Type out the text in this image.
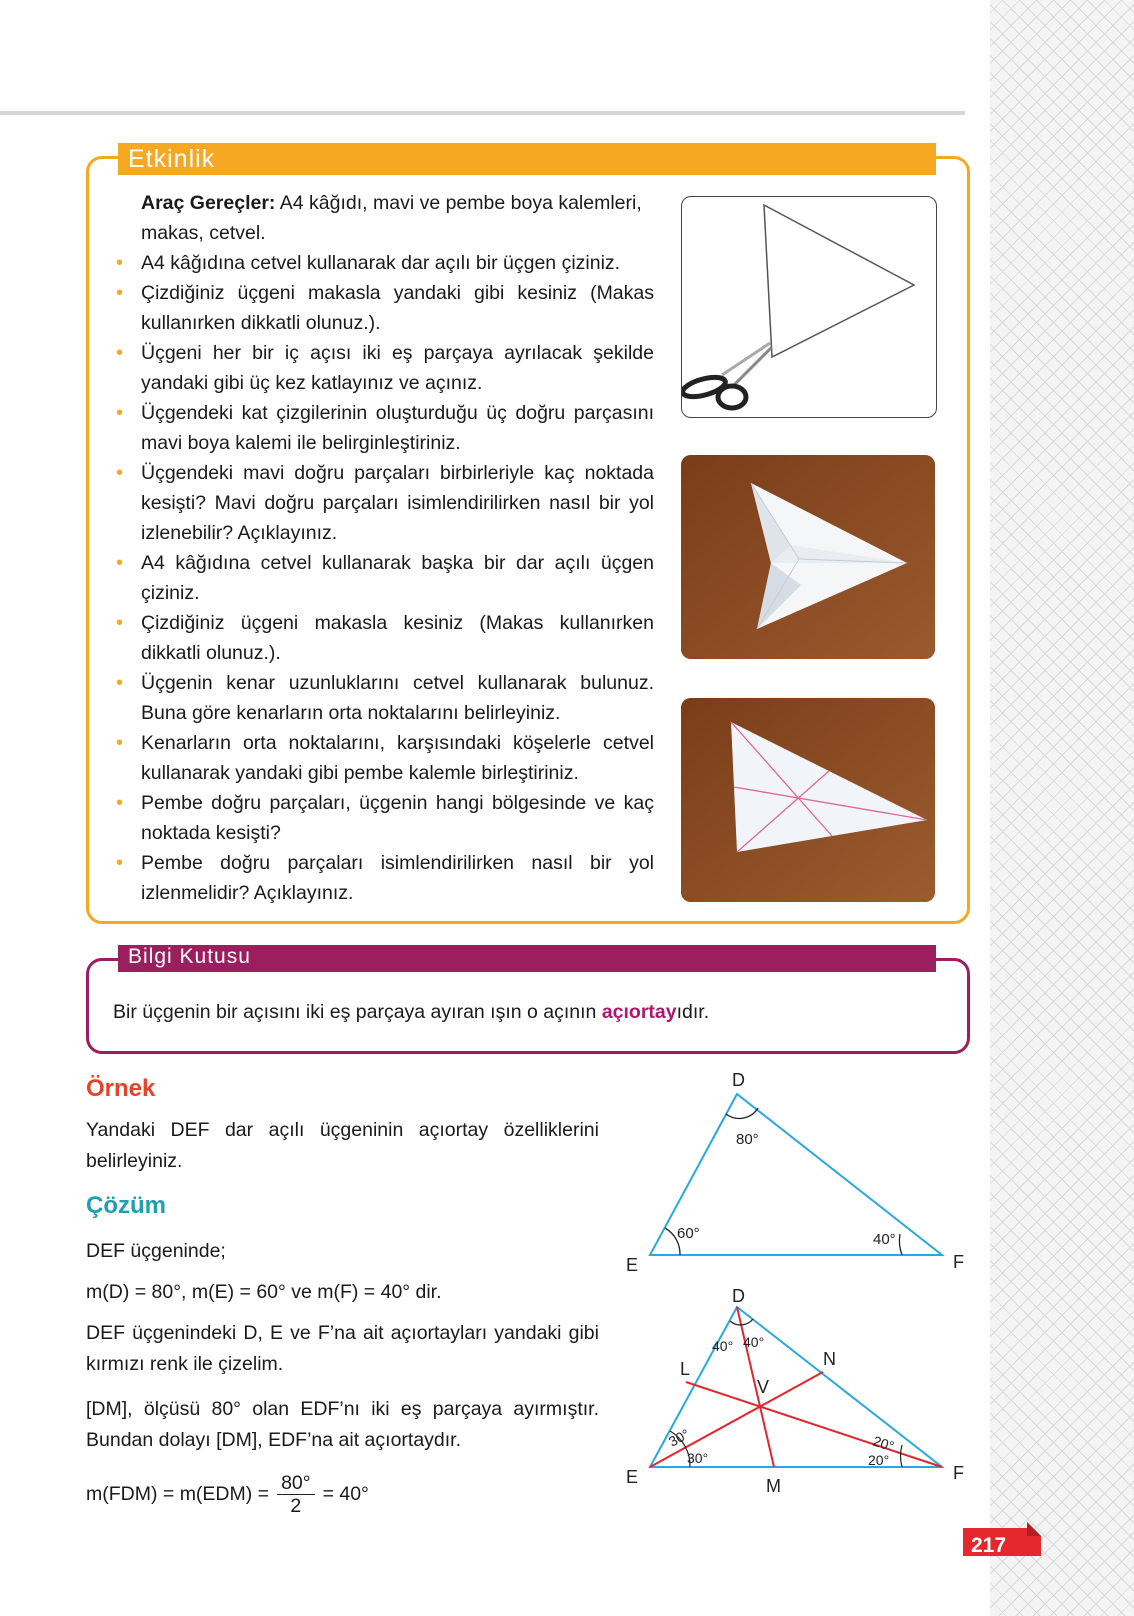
Etkinlik
Araç Gereçler: A4 kâğıdı, mavi ve pembe boya kalemleri, makas, cetvel.
• A4 kâğıdına cetvel kullanarak dar açılı bir üçgen çiziniz.
• Çizdiğiniz üçgeni makasla yandaki gibi kesiniz (Makas kullanırken dikkatli olunuz.).
• Üçgeni her bir iç açısı iki eş parçaya ayrılacak şekilde yandaki gibi üç kez katlayınız ve açınız.
• Üçgendeki kat çizgilerinin oluşturduğu üç doğru parçasını mavi boya kalemi ile belirginleştiriniz.
• Üçgendeki mavi doğru parçaları birbirleriyle kaç noktada kesişti? Mavi doğru parçaları isimlendirilirken nasıl bir yol izlenebilir? Açıklayınız.
• A4 kâğıdına cetvel kullanarak başka bir dar açılı üçgen çiziniz.
• Çizdiğiniz üçgeni makasla kesiniz (Makas kullanırken dikkatli olunuz.).
• Üçgenin kenar uzunluklarını cetvel kullanarak bulunuz. Buna göre kenarların orta noktalarını belirleyiniz.
• Kenarların orta noktalarını, karşısındaki köşelerle cetvel kullanarak yandaki gibi pembe kalemle birleştiriniz.
• Pembe doğru parçaları, üçgenin hangi bölgesinde ve kaç noktada kesişti?
• Pembe doğru parçaları isimlendirilirken nasıl bir yol izlenmelidir? Açıklayınız.
Bilgi Kutusu
Bir üçgenin bir açısını iki eş parçaya ayıran ışın o açının açıortayıdır.
Örnek
Yandaki DEF dar açılı üçgeninin açıortay özelliklerini belirleyiniz.
Çözüm
DEF üçgeninde;
m(D) = 80°, m(E) = 60° ve m(F) = 40° dir.
DEF üçgenindeki D, E ve F’na ait açıortayları yandaki gibi kırmızı renk ile çizelim.
[DM], ölçüsü 80° olan EDF’nı iki eş parçaya ayırmıştır. Bundan dolayı [DM], EDF’na ait açıortaydır.
$m(FDM) = m(EDM) = \frac{80^\circ}{2} = 40^\circ$
D
E	F
80°
60°	40°
D
E	F
L	N
V
M
40° 40°
30°
30°
20°
20°
217
